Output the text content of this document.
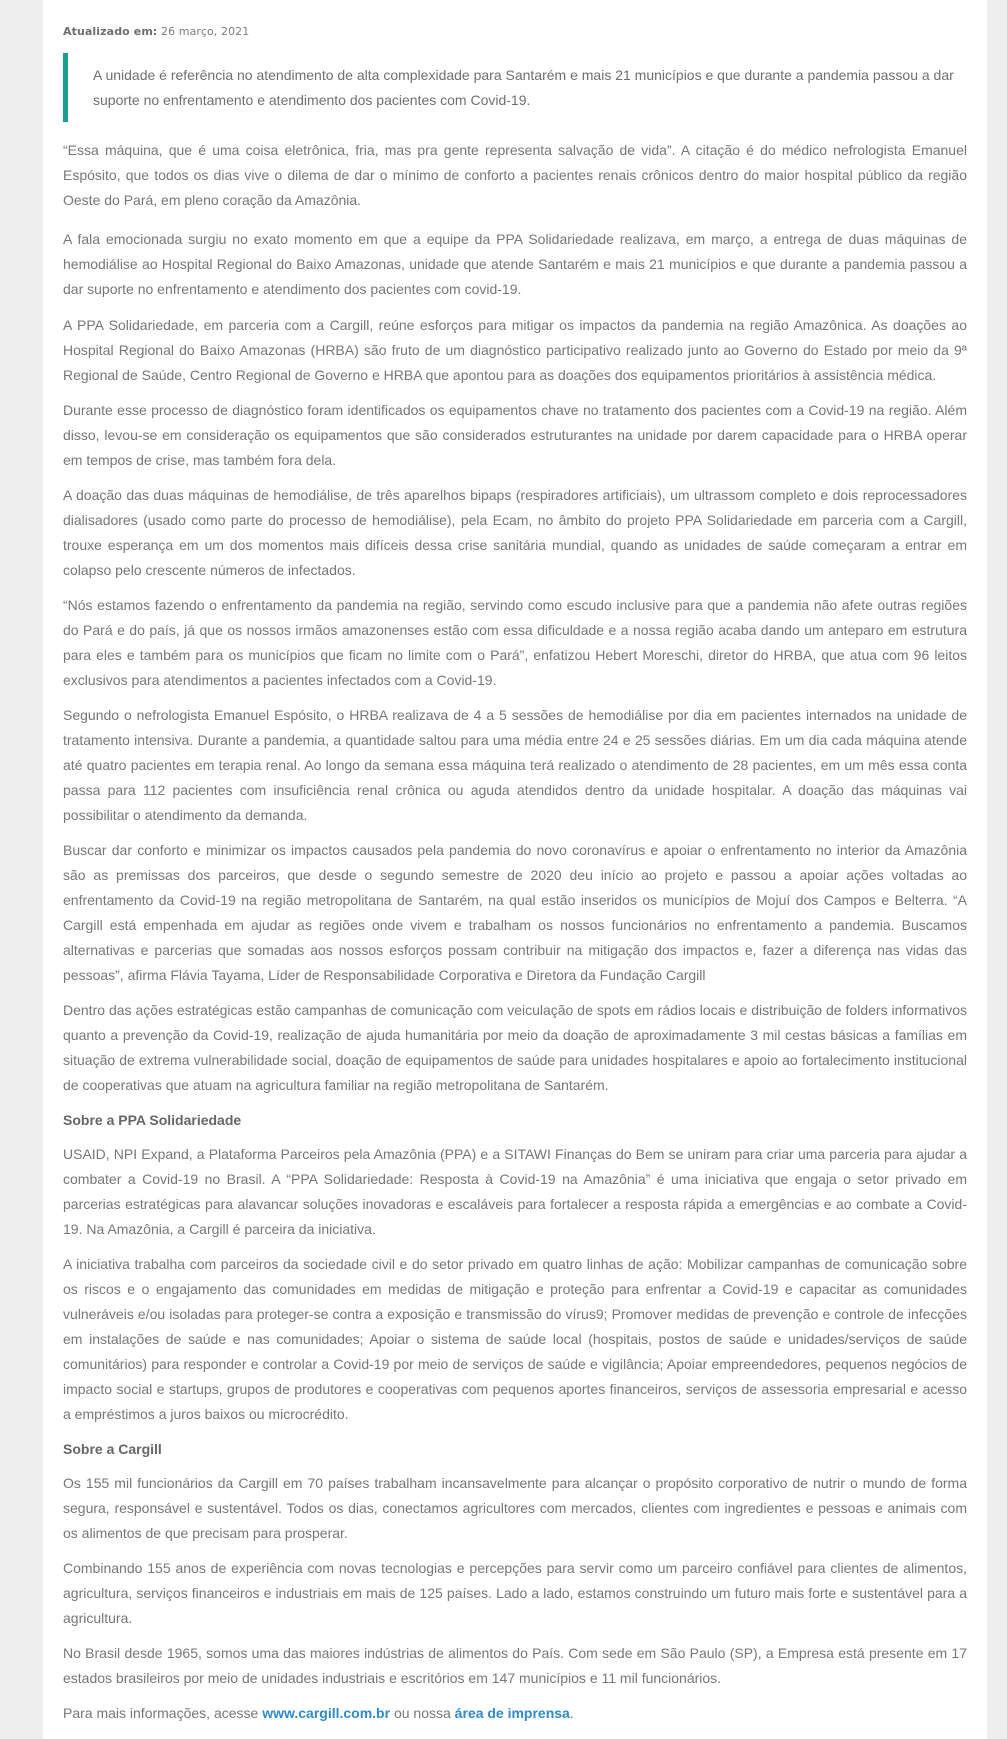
Atualizado em: 26 março, 2021
A unidade é referência no atendimento de alta complexidade para Santarém e mais 21 municípios e que durante a pandemia passou a dar suporte no enfrentamento e atendimento dos pacientes com Covid-19.

“Essa máquina, que é uma coisa eletrônica, fria, mas pra gente representa salvação de vida”. A citação é do médico nefrologista Emanuel Espósito, que todos os dias vive o dilema de dar o mínimo de conforto a pacientes renais crônicos dentro do maior hospital público da região Oeste do Pará, em pleno coração da Amazônia.

A fala emocionada surgiu no exato momento em que a equipe da PPA Solidariedade realizava, em março, a entrega de duas máquinas de hemodiálise ao Hospital Regional do Baixo Amazonas, unidade que atende Santarém e mais 21 municípios e que durante a pandemia passou a dar suporte no enfrentamento e atendimento dos pacientes com covid-19.

A PPA Solidariedade, em parceria com a Cargill, reúne esforços para mitigar os impactos da pandemia na região Amazônica. As doações ao Hospital Regional do Baixo Amazonas (HRBA) são fruto de um diagnóstico participativo realizado junto ao Governo do Estado por meio da 9ª Regional de Saúde, Centro Regional de Governo e HRBA que apontou para as doações dos equipamentos prioritários à assistência médica.

Durante esse processo de diagnóstico foram identificados os equipamentos chave no tratamento dos pacientes com a Covid-19 na região. Além disso, levou-se em consideração os equipamentos que são considerados estruturantes na unidade por darem capacidade para o HRBA operar em tempos de crise, mas também fora dela.

A doação das duas máquinas de hemodiálise, de três aparelhos bipaps (respiradores artificiais), um ultrassom completo e dois reprocessadores dialisadores (usado como parte do processo de hemodiálise), pela Ecam, no âmbito do projeto PPA Solidariedade em parceria com a Cargill, trouxe esperança em um dos momentos mais difíceis dessa crise sanitária mundial, quando as unidades de saúde começaram a entrar em colapso pelo crescente números de infectados.

“Nós estamos fazendo o enfrentamento da pandemia na região, servindo como escudo inclusive para que a pandemia não afete outras regiões do Pará e do país, já que os nossos irmãos amazonenses estão com essa dificuldade e a nossa região acaba dando um anteparo em estrutura para eles e também para os municípios que ficam no limite com o Pará”, enfatizou Hebert Moreschi, diretor do HRBA, que atua com 96 leitos exclusivos para atendimentos a pacientes infectados com a Covid-19.

Segundo o nefrologista Emanuel Espósito, o HRBA realizava de 4 a 5 sessões de hemodiálise por dia em pacientes internados na unidade de tratamento intensiva. Durante a pandemia, a quantidade saltou para uma média entre 24 e 25 sessões diárias. Em um dia cada máquina atende até quatro pacientes em terapia renal. Ao longo da semana essa máquina terá realizado o atendimento de 28 pacientes, em um mês essa conta passa para 112 pacientes com insuficiência renal crônica ou aguda atendidos dentro da unidade hospitalar. A doação das máquinas vai possibilitar o atendimento da demanda.

Buscar dar conforto e minimizar os impactos causados pela pandemia do novo coronavírus e apoiar o enfrentamento no interior da Amazônia são as premissas dos parceiros, que desde o segundo semestre de 2020 deu início ao projeto e passou a apoiar ações voltadas ao enfrentamento da Covid-19 na região metropolitana de Santarém, na qual estão inseridos os municípios de Mojuí dos Campos e Belterra. “A Cargill está empenhada em ajudar as regiões onde vivem e trabalham os nossos funcionários no enfrentamento a pandemia. Buscamos alternativas e parcerias que somadas aos nossos esforços possam contribuir na mitigação dos impactos e, fazer a diferença nas vidas das pessoas”, afirma Flávia Tayama, Líder de Responsabilidade Corporativa e Diretora da Fundação Cargill

Dentro das ações estratégicas estão campanhas de comunicação com veiculação de spots em rádios locais e distribuição de folders informativos quanto a prevenção da Covid-19, realização de ajuda humanitária por meio da doação de aproximadamente 3 mil cestas básicas a famílias em situação de extrema vulnerabilidade social, doação de equipamentos de saúde para unidades hospitalares e apoio ao fortalecimento institucional de cooperativas que atuam na agricultura familiar na região metropolitana de Santarém.

Sobre a PPA Solidariedade

USAID, NPI Expand, a Plataforma Parceiros pela Amazônia (PPA) e a SITAWI Finanças do Bem se uniram para criar uma parceria para ajudar a combater a Covid-19 no Brasil. A “PPA Solidariedade: Resposta à Covid-19 na Amazônia” é uma iniciativa que engaja o setor privado em parcerias estratégicas para alavancar soluções inovadoras e escaláveis para fortalecer a resposta rápida a emergências e ao combate a Covid-19. Na Amazônia, a Cargill é parceira da iniciativa.

A iniciativa trabalha com parceiros da sociedade civil e do setor privado em quatro linhas de ação: Mobilizar campanhas de comunicação sobre os riscos e o engajamento das comunidades em medidas de mitigação e proteção para enfrentar a Covid-19 e capacitar as comunidades vulneráveis e/ou isoladas para proteger-se contra a exposição e transmissão do vírus9; Promover medidas de prevenção e controle de infecções em instalações de saúde e nas comunidades; Apoiar o sistema de saúde local (hospitais, postos de saúde e unidades/serviços de saúde comunitários) para responder e controlar a Covid-19 por meio de serviços de saúde e vigilância; Apoiar empreendedores, pequenos negócios de impacto social e startups, grupos de produtores e cooperativas com pequenos aportes financeiros, serviços de assessoria empresarial e acesso a empréstimos a juros baixos ou microcrédito.

Sobre a Cargill

Os 155 mil funcionários da Cargill em 70 países trabalham incansavelmente para alcançar o propósito corporativo de nutrir o mundo de forma segura, responsável e sustentável. Todos os dias, conectamos agricultores com mercados, clientes com ingredientes e pessoas e animais com os alimentos de que precisam para prosperar.

Combinando 155 anos de experiência com novas tecnologias e percepções para servir como um parceiro confiável para clientes de alimentos, agricultura, serviços financeiros e industriais em mais de 125 países. Lado a lado, estamos construindo um futuro mais forte e sustentável para a agricultura.

No Brasil desde 1965, somos uma das maiores indústrias de alimentos do País. Com sede em São Paulo (SP), a Empresa está presente em 17 estados brasileiros por meio de unidades industriais e escritórios em 147 municípios e 11 mil funcionários.

Para mais informações, acesse www.cargill.com.br ou nossa área de imprensa.
